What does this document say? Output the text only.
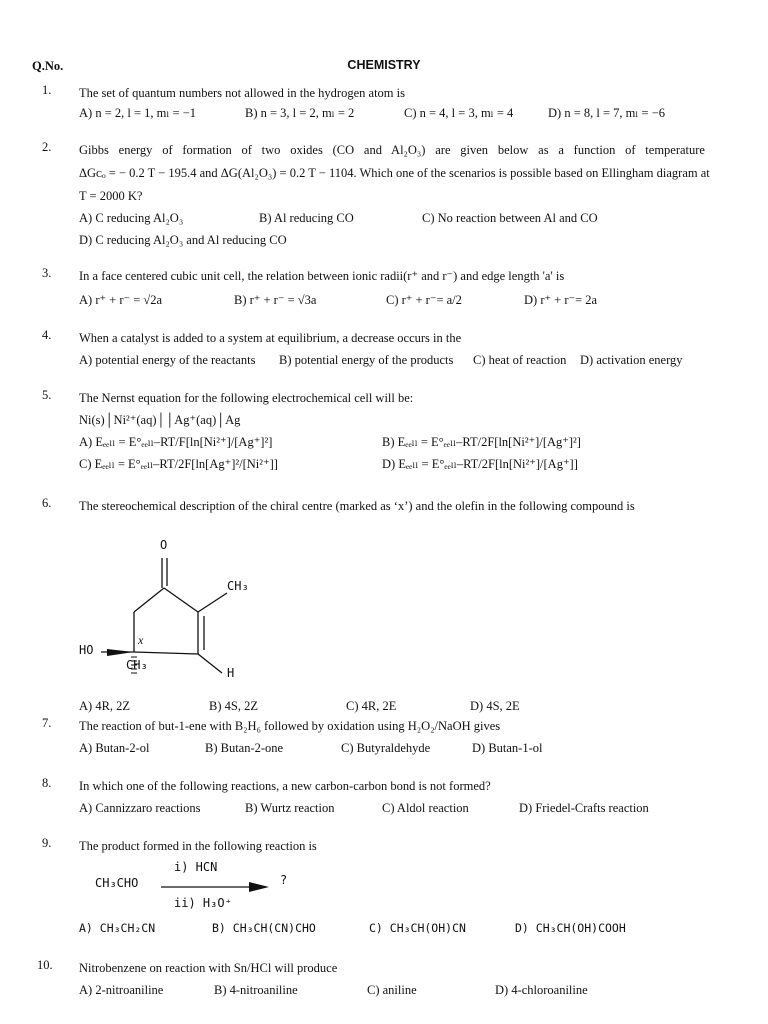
Q.No.	CHEMISTRY
1. The set of quantum numbers not allowed in the hydrogen atom is
A) n = 2, l = 1, mₗ = −1	B) n = 3, l = 2, mₗ = 2	C) n = 4, l = 3, mₗ = 4	D) n = 8, l = 7, mₗ = −6
2. Gibbs energy of formation of two oxides (CO and Al₂O₃) are given below as a function of temperature
ΔGᴄₒ = − 0.2 T − 195.4 and ΔG(Al₂O₃) = 0.2 T − 1104. Which one of the scenarios is possible based on Ellingham diagram at
T = 2000 K?
A) C reducing Al₂O₃	B) Al reducing CO	C) No reaction between Al and CO
D) C reducing Al₂O₃ and Al reducing CO
3. In a face centered cubic unit cell, the relation between ionic radii(r⁺ and r⁻) and edge length 'a' is
A) r⁺ + r⁻ = √2a	B) r⁺ + r⁻ = √3a	C) r⁺ + r⁻= a/2	D) r⁺ + r⁻= 2a
4. When a catalyst is added to a system at equilibrium, a decrease occurs in the
A) potential energy of the reactants B) potential energy of the products C) heat of reaction D) activation energy
5. The Nernst equation for the following electrochemical cell will be:
Ni(s)│Ni²⁺(aq)││Ag⁺(aq)│Ag
A) Eₑₑₗₗ = E°ₑₑₗₗ–RT/F[ln[Ni²⁺]/[Ag⁺]²]	B) Eₑₑₗₗ = E°ₑₑₗₗ–RT/2F[ln[Ni²⁺]/[Ag⁺]²]
C) Eₑₑₗₗ = E°ₑₑₗₗ–RT/2F[ln[Ag⁺]²/[Ni²⁺]]	D) Eₑₑₗₗ = E°ₑₑₗₗ–RT/2F[ln[Ni²⁺]/[Ag⁺]]
6. The stereochemical description of the chiral centre (marked as ‘x’) and the olefin in the following compound is
O
CH₃
HO
x
H
CH₃
A) 4R, 2Z	B) 4S, 2Z	C) 4R, 2E	D) 4S, 2E
7. The reaction of but-1-ene with B₂H₆ followed by oxidation using H₂O₂/NaOH gives
A) Butan-2-ol	B) Butan-2-one	C) Butyraldehyde	D) Butan-1-ol
8. In which one of the following reactions, a new carbon-carbon bond is not formed?
A) Cannizzaro reactions	B) Wurtz reaction	C) Aldol reaction	D) Friedel-Crafts reaction
9. The product formed in the following reaction is
CH₃CHO
i) HCN
ii) H₃O⁺
?
A) CH₃CH₂CN	B) CH₃CH(CN)CHO	C) CH₃CH(OH)CN	D) CH₃CH(OH)COOH
10. Nitrobenzene on reaction with Sn/HCl will produce
A) 2-nitroaniline	B) 4-nitroaniline	C) aniline	D) 4-chloroaniline
